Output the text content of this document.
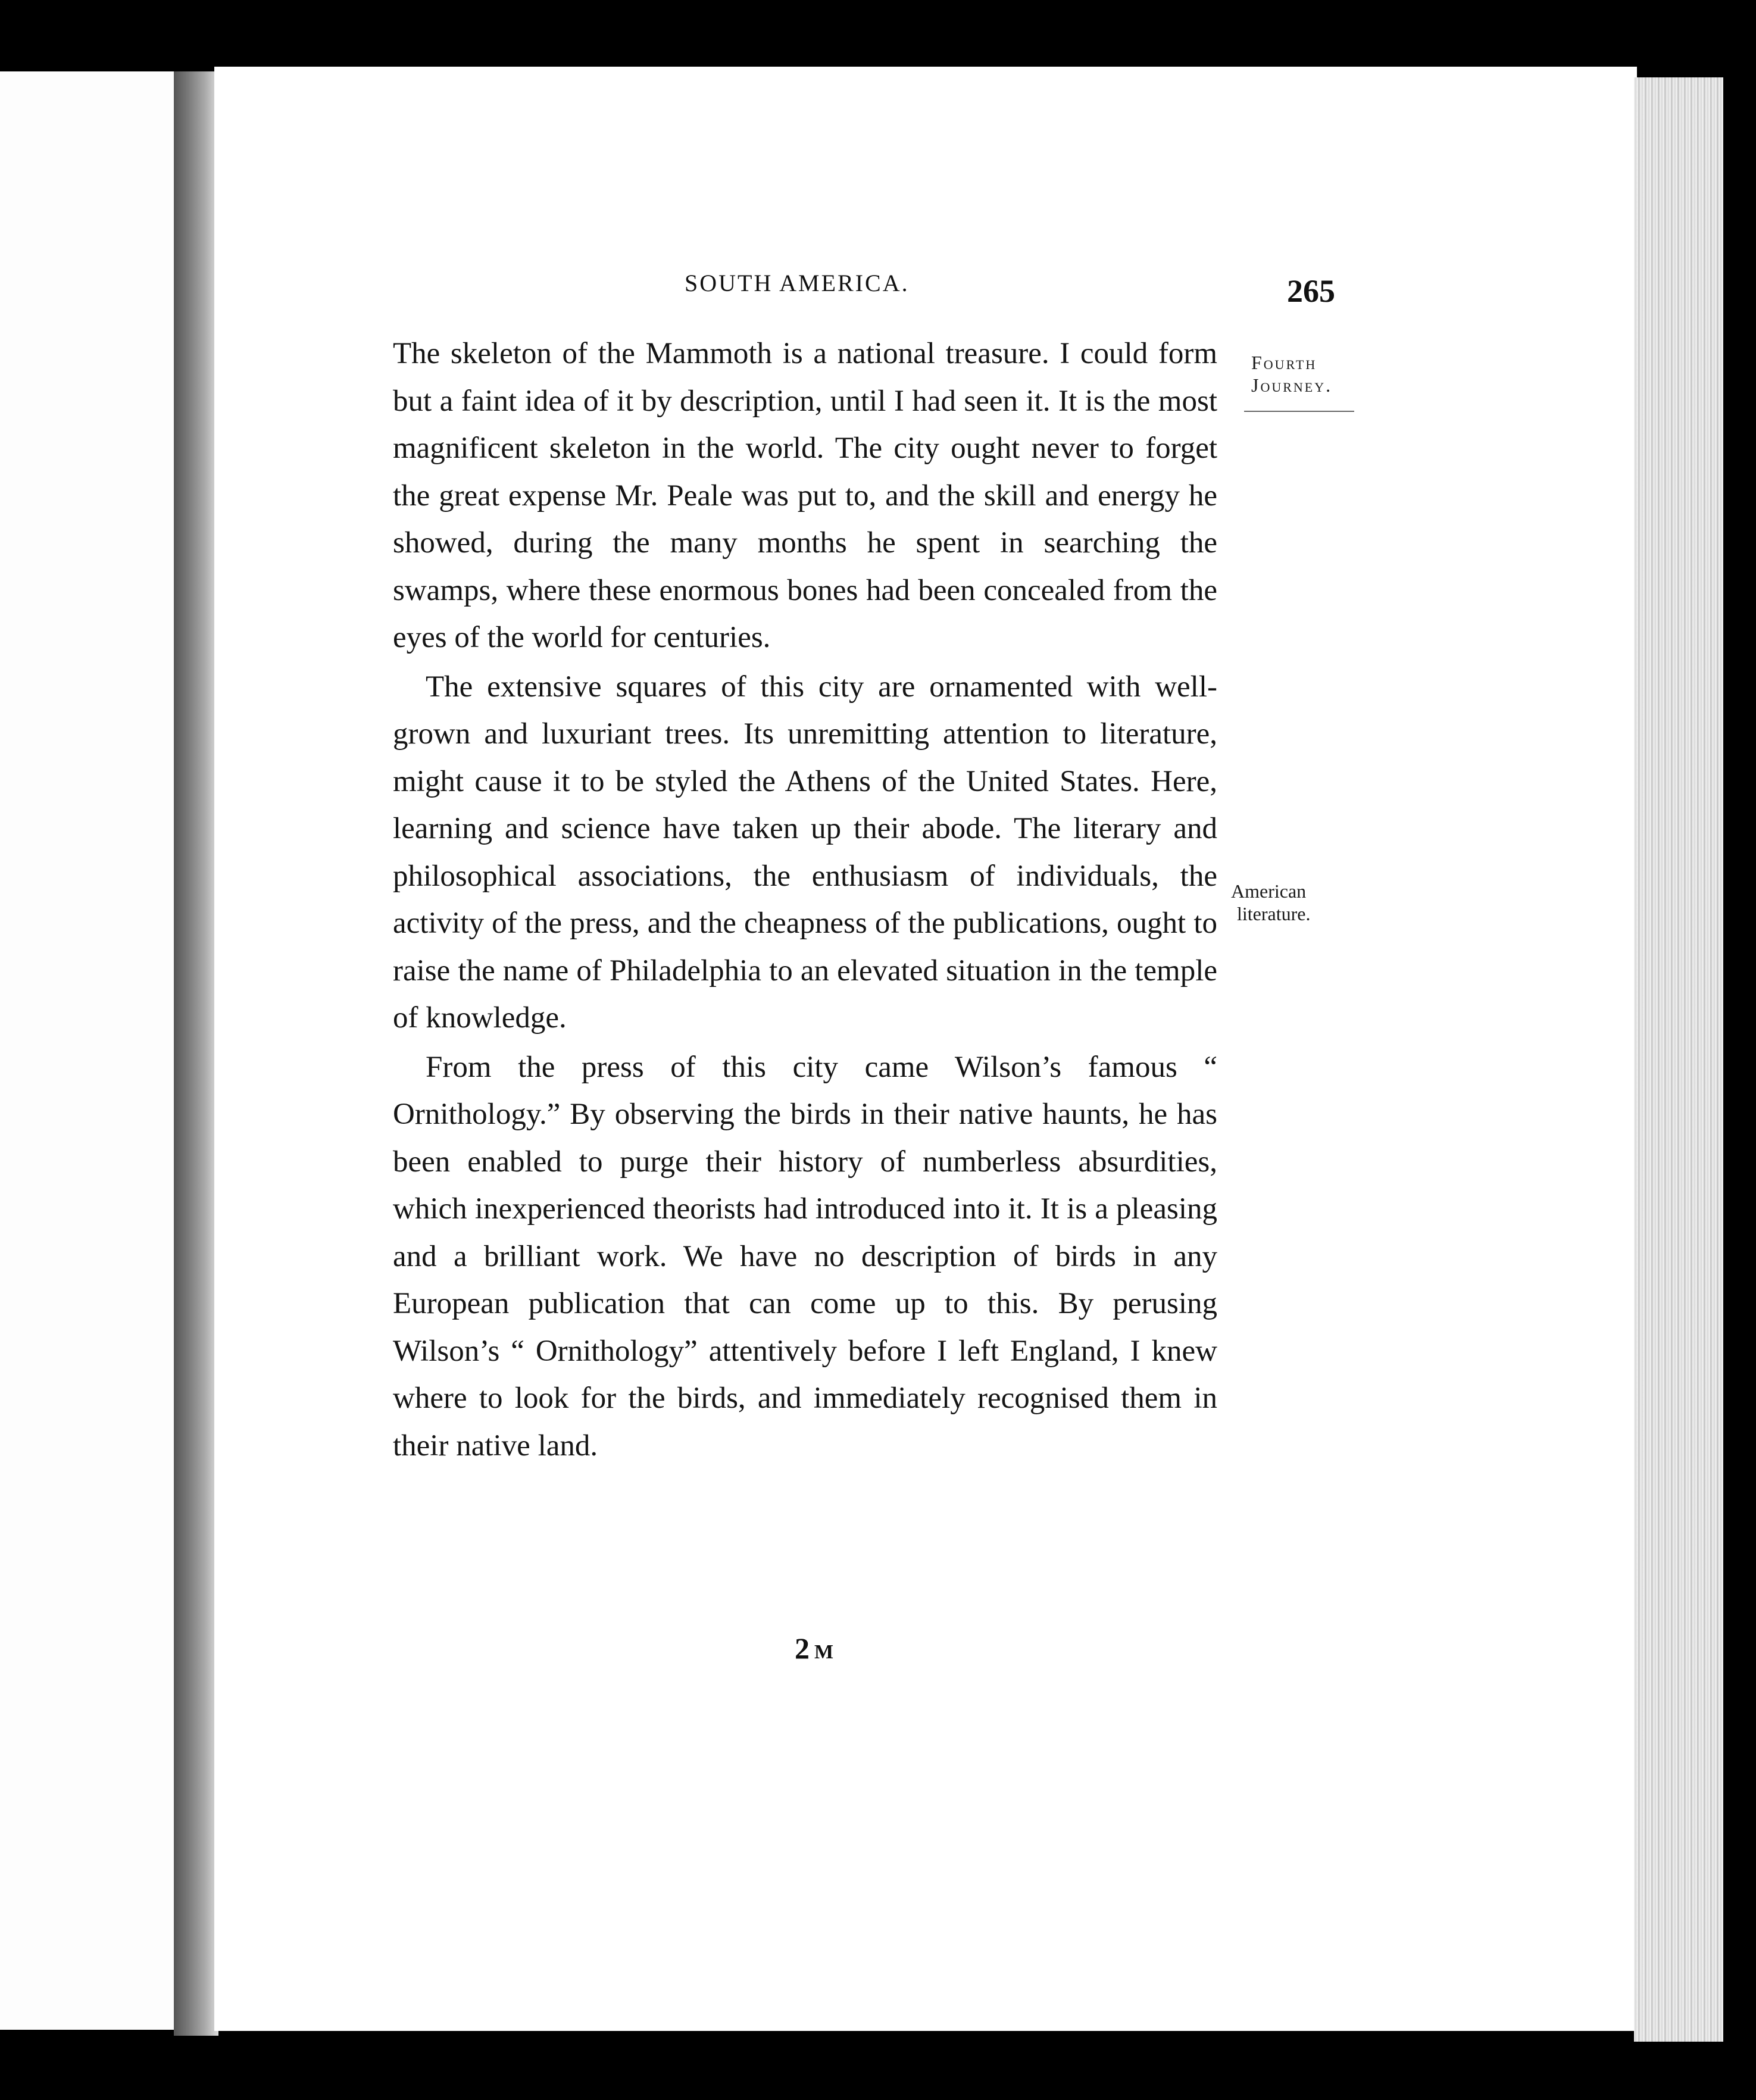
SOUTH AMERICA.	265
Fourth
Journey.
American
literature.

The skeleton of the Mammoth is a national treasure. I could form but a faint idea of it by description, until I had seen it. It is the most magnificent skeleton in the world. The city ought never to forget the great expense Mr. Peale was put to, and the skill and energy he showed, during the many months he spent in searching the swamps, where these enormous bones had been concealed from the eyes of the world for centuries.

The extensive squares of this city are ornamented with well-grown and luxuriant trees. Its unremitting attention to literature, might cause it to be styled the Athens of the United States. Here, learning and science have taken up their abode. The literary and philosophical associations, the enthusiasm of individuals, the activity of the press, and the cheapness of the publications, ought to raise the name of Philadelphia to an elevated situation in the temple of knowledge.

From the press of this city came Wilson’s famous “ Ornithology.” By observing the birds in their native haunts, he has been enabled to purge their history of numberless absurdities, which inexperienced theorists had introduced into it. It is a pleasing and a brilliant work. We have no description of birds in any European publication that can come up to this. By perusing Wilson’s “ Ornithology” attentively before I left England, I knew where to look for the birds, and immediately recognised them in their native land.

2 M
